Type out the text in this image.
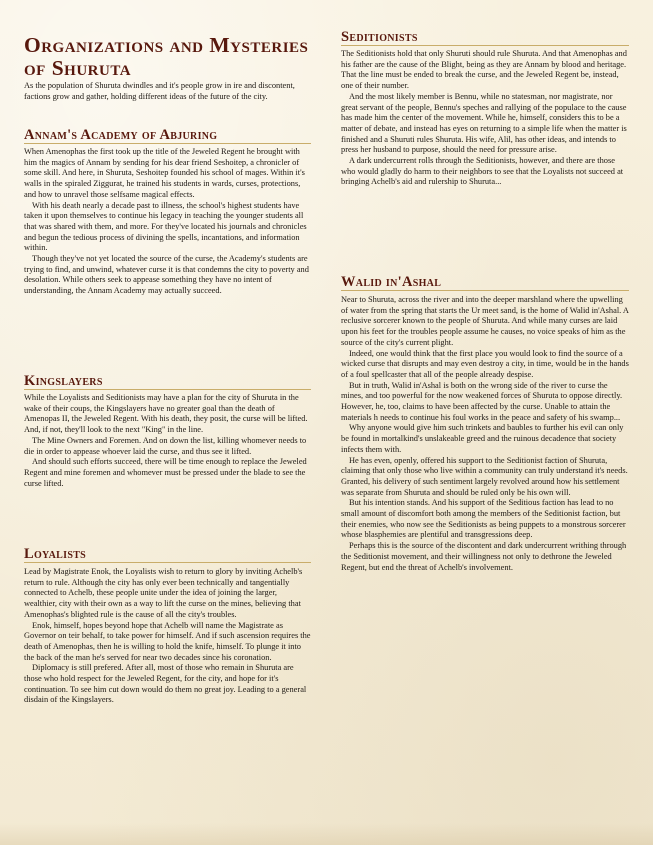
Organizations and Mysteries of Shuruta

As the population of Shuruta dwindles and it's people grow in ire and discontent, factions grow and gather, holding different ideas of the future of the city.

Annam's Academy of Abjuring

When Amenophas the first took up the title of the Jeweled Regent he brought with him the magics of Annam by sending for his dear friend Seshoitep, a chronicler of some skill. And here, in Shuruta, Seshoitep founded his school of mages. Within it's walls in the spiraled Ziggurat, he trained his students in wards, curses, protections, and how to unravel those selfsame magical effects.

With his death nearly a decade past to illness, the school's highest students have taken it upon themselves to continue his legacy in teaching the younger students all that was shared with them, and more. For they've located his journals and chronicles and begun the tedious process of divining the spells, incantations, and information within.

Though they've not yet located the source of the curse, the Academy's students are trying to find, and unwind, whatever curse it is that condemns the city to poverty and desolation. While others seek to appease something they have no intent of understanding, the Annam Academy may actually succeed.

Kingslayers

While the Loyalists and Seditionists may have a plan for the city of Shuruta in the wake of their coups, the Kingslayers have no greater goal than the death of Amenopas II, the Jeweled Regent. With his death, they posit, the curse will be lifted. And, if not, they'll look to the next "King" in the line.

The Mine Owners and Foremen. And on down the list, killing whomever needs to die in order to appease whoever laid the curse, and thus see it lifted.

And should such efforts succeed, there will be time enough to replace the Jeweled Regent and mine foremen and whomever must be pressed under the blade to see the curse lifted.

Loyalists

Lead by Magistrate Enok, the Loyalists wish to return to glory by inviting Achelb's return to rule. Although the city has only ever been technically and tangentially connected to Achelb, these people unite under the idea of joining the larger, wealthier, city with their own as a way to lift the curse on the mines, believing that Amenophas's blighted rule is the cause of all the city's troubles.

Enok, himself, hopes beyond hope that Achelb will name the Magistrate as Governor on teir behalf, to take power for himself. And if such ascension requires the death of Amenophas, then he is willing to hold the knife, himself. To plunge it into the back of the man he's served for near two decades since his coronation.

Diplomacy is still prefered. After all, most of those who remain in Shuruta are those who hold respect for the Jeweled Regent, for the city, and hope for it's continuation. To see him cut down would do them no great joy. Leading to a general disdain of the Kingslayers.

Seditionists

The Seditionists hold that only Shuruti should rule Shuruta. And that Amenophas and his father are the cause of the Blight, being as they are Annam by blood and heritage. That the line must be ended to break the curse, and the Jeweled Regent be, instead, one of their number.

And the most likely member is Bennu, while no statesman, nor magistrate, nor great servant of the people, Bennu's speches and rallying of the populace to the cause has made him the center of the movement. While he, himself, considers this to be a matter of debate, and instead has eyes on returning to a simple life when the matter is finished and a Shuruti rules Shuruta. His wife, Alil, has other ideas, and intends to press her husband to purpose, should the need for pressure arise.

A dark undercurrent rolls through the Seditionists, however, and there are those who would gladly do harm to their neighbors to see that the Loyalists not succeed at bringing Achelb's aid and rulership to Shuruta...

Walid in'Ashal

Near to Shuruta, across the river and into the deeper marshland where the upwelling of water from the spring that starts the Ur meet sand, is the home of Walid in'Ashal. A reclusive sorcerer known to the people of Shuruta. And while many curses are laid upon his feet for the troubles people assume he causes, no voice speaks of him as the source of the city's current plight.

Indeed, one would think that the first place you would look to find the source of a wicked curse that disrupts and may even destroy a city, in time, would be in the hands of a foul spellcaster that all of the people already despise.

But in truth, Walid in'Ashal is both on the wrong side of the river to curse the mines, and too powerful for the now weakened forces of Shuruta to oppose directly. However, he, too, claims to have been affected by the curse. Unable to attain the materials h needs to continue his foul works in the peace and safety of his swamp...

Why anyone would give him such trinkets and baubles to further his evil can only be found in mortalkind's unslakeable greed and the ruinous decadence that society infects them with.

He has even, openly, offered his support to the Seditionist faction of Shuruta, claiming that only those who live within a community can truly understand it's needs. Granted, his delivery of such sentiment largely revolved around how his settlement was separate from Shuruta and should be ruled only be his own will.

But his intention stands. And his support of the Seditious faction has lead to no small amount of discomfort both among the members of the Seditionist faction, but their enemies, who now see the Seditionists as being puppets to a monstrous sorcerer whose blasphemies are plentiful and transgressions deep.

Perhaps this is the source of the discontent and dark undercurrent writhing through the Seditionist movement, and their willingness not only to dethrone the Jeweled Regent, but end the threat of Achelb's involvement.
